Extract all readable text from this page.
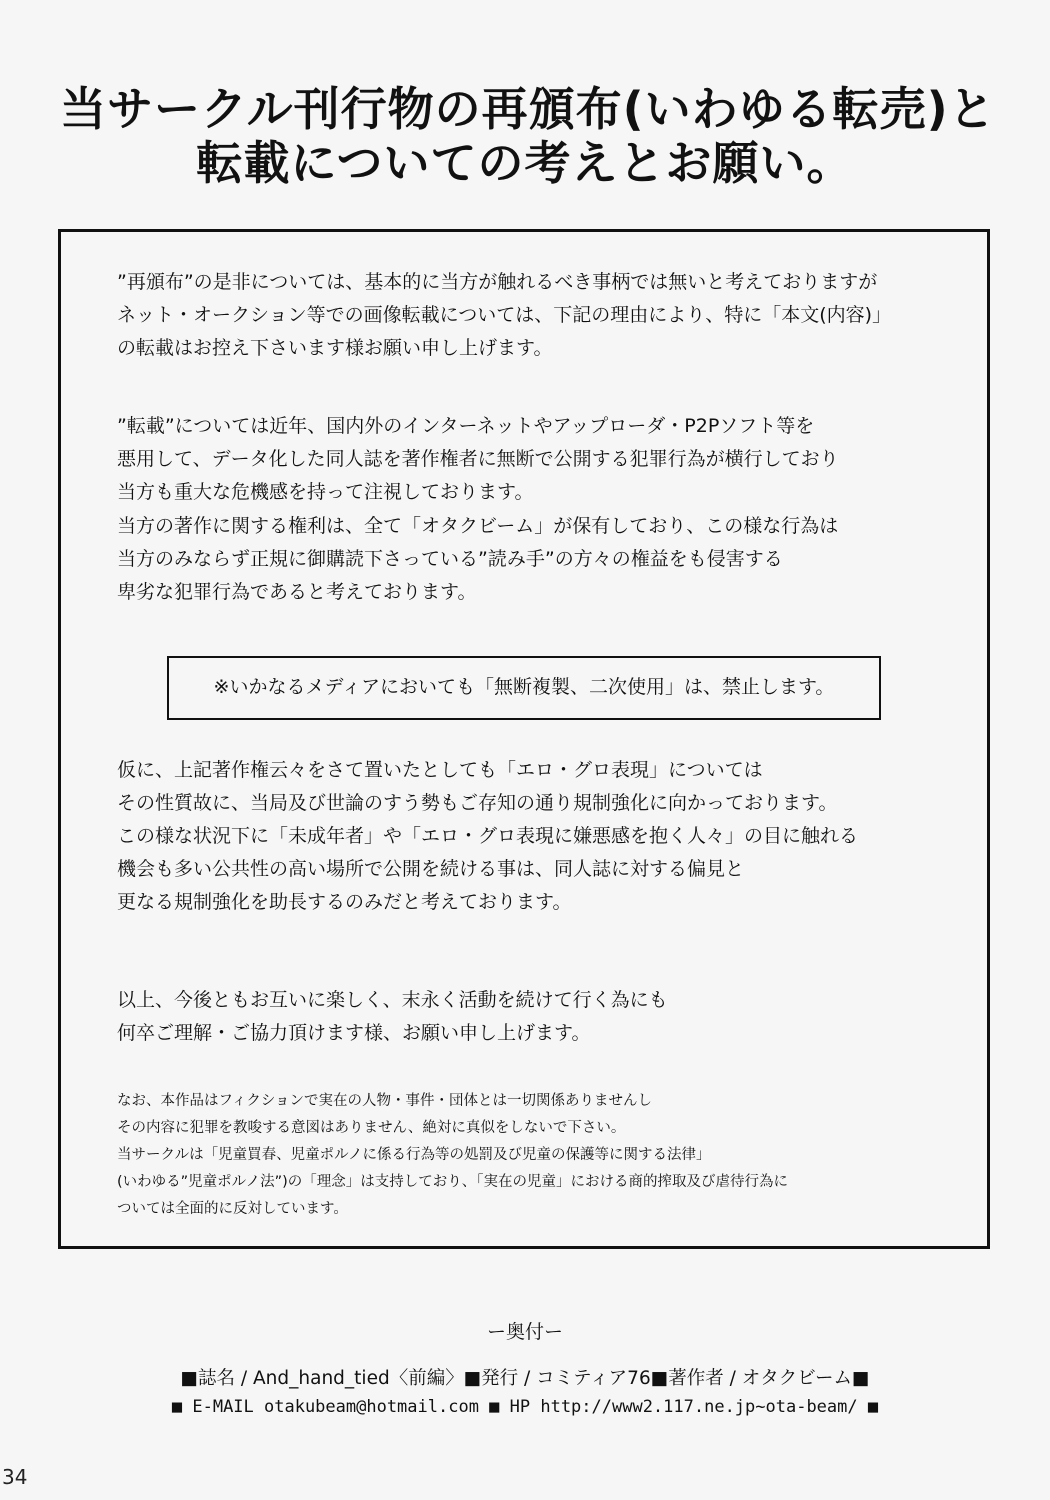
当サークル刊行物の再頒布(いわゆる転売)と
転載についての考えとお願い。
”再頒布”の是非については、基本的に当方が触れるべき事柄では無いと考えておりますが
ネット・オークション等での画像転載については、下記の理由により、特に「本文(内容)」
の転載はお控え下さいます様お願い申し上げます。
”転載”については近年、国内外のインターネットやアップローダ・P2Pソフト等を
悪用して、データ化した同人誌を著作権者に無断で公開する犯罪行為が横行しており
当方も重大な危機感を持って注視しております。
当方の著作に関する権利は、全て「オタクビーム」が保有しており、この様な行為は
当方のみならず正規に御購読下さっている”読み手”の方々の権益をも侵害する
卑劣な犯罪行為であると考えております。
※いかなるメディアにおいても「無断複製、二次使用」は、禁止します。
仮に、上記著作権云々をさて置いたとしても「エロ・グロ表現」については
その性質故に、当局及び世論のすう勢もご存知の通り規制強化に向かっております。
この様な状況下に「未成年者」や「エロ・グロ表現に嫌悪感を抱く人々」の目に触れる
機会も多い公共性の高い場所で公開を続ける事は、同人誌に対する偏見と
更なる規制強化を助長するのみだと考えております。
以上、今後ともお互いに楽しく、末永く活動を続けて行く為にも
何卒ご理解・ご協力頂けます様、お願い申し上げます。
なお、本作品はフィクションで実在の人物・事件・団体とは一切関係ありませんし
その内容に犯罪を教唆する意図はありません、絶対に真似をしないで下さい。
当サークルは「児童買春、児童ポルノに係る行為等の処罰及び児童の保護等に関する法律」
(いわゆる”児童ポルノ法”)の「理念」は支持しており、「実在の児童」における商的搾取及び虐待行為に
ついては全面的に反対しています。
ー奥付ー
■誌名 / And_hand_tied〈前編〉■発行 / コミティア76■著作者 / オタクビーム■
■ E-MAIL otakubeam@hotmail.com ■ HP http://www2.117.ne.jp~ota-beam/ ■
34
